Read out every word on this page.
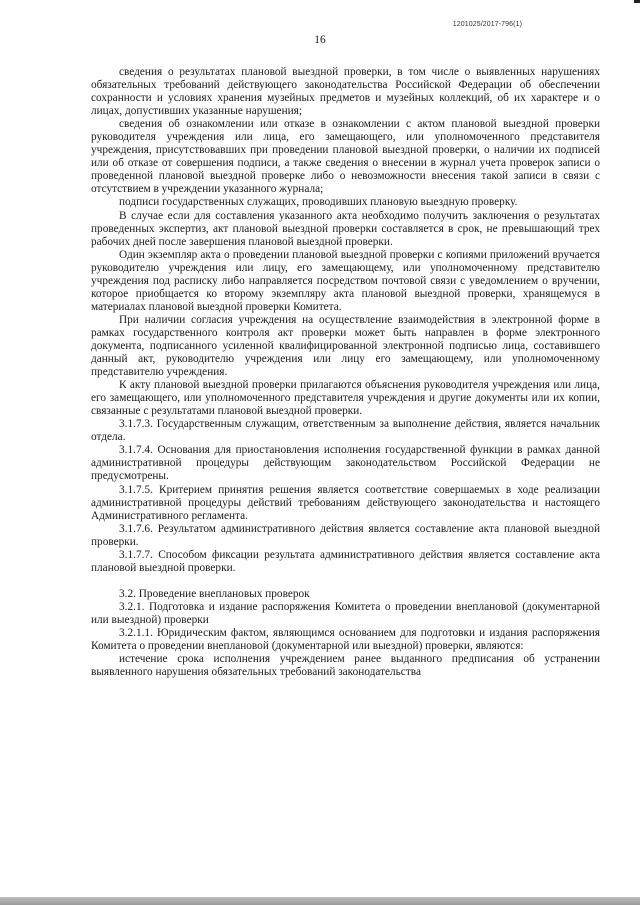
1201025/2017-796(1)
16

сведения о результатах плановой выездной проверки, в том числе о выявленных нарушениях обязательных требований действующего законодательства Российской Федерации об обеспечении сохранности и условиях хранения музейных предметов и музейных коллекций, об их характере и о лицах, допустивших указанные нарушения;

сведения об ознакомлении или отказе в ознакомлении с актом плановой выездной проверки руководителя учреждения или лица, его замещающего, или уполномоченного представителя учреждения, присутствовавших при проведении плановой выездной проверки, о наличии их подписей или об отказе от совершения подписи, а также сведения о внесении в журнал учета проверок записи о проведенной плановой выездной проверке либо о невозможности внесения такой записи в связи с отсутствием в учреждении указанного журнала;

подписи государственных служащих, проводивших плановую выездную проверку.

В случае если для составления указанного акта необходимо получить заключения о результатах проведенных экспертиз, акт плановой выездной проверки составляется в срок, не превышающий трех рабочих дней после завершения плановой выездной проверки.

Один экземпляр акта о проведении плановой выездной проверки с копиями приложений вручается руководителю учреждения или лицу, его замещающему, или уполномоченному представителю учреждения под расписку либо направляется посредством почтовой связи с уведомлением о вручении, которое приобщается ко второму экземпляру акта плановой выездной проверки, хранящемуся в материалах плановой выездной проверки Комитета.

При наличии согласия учреждения на осуществление взаимодействия в электронной форме в рамках государственного контроля акт проверки может быть направлен в форме электронного документа, подписанного усиленной квалифицированной электронной подписью лица, составившего данный акт, руководителю учреждения или лицу его замещающему, или уполномоченному представителю учреждения.

К акту плановой выездной проверки прилагаются объяснения руководителя учреждения или лица, его замещающего, или уполномоченного представителя учреждения и другие документы или их копии, связанные с результатами плановой выездной проверки.

3.1.7.3. Государственным служащим, ответственным за выполнение действия, является начальник отдела.

3.1.7.4. Основания для приостановления исполнения государственной функции в рамках данной административной процедуры действующим законодательством Российской Федерации не предусмотрены.

3.1.7.5. Критерием принятия решения является соответствие совершаемых в ходе реализации административной процедуры действий требованиям действующего законодательства и настоящего Административного регламента.

3.1.7.6. Результатом административного действия является составление акта плановой выездной проверки.

3.1.7.7. Способом фиксации результата административного действия является составление акта плановой выездной проверки.

3.2. Проведение внеплановых проверок

3.2.1. Подготовка и издание распоряжения Комитета о проведении внеплановой (документарной или выездной) проверки

3.2.1.1. Юридическим фактом, являющимся основанием для подготовки и издания распоряжения Комитета о проведении внеплановой (документарной или выездной) проверки, являются:

истечение срока исполнения учреждением ранее выданного предписания об устранении выявленного нарушения обязательных требований законодательства
